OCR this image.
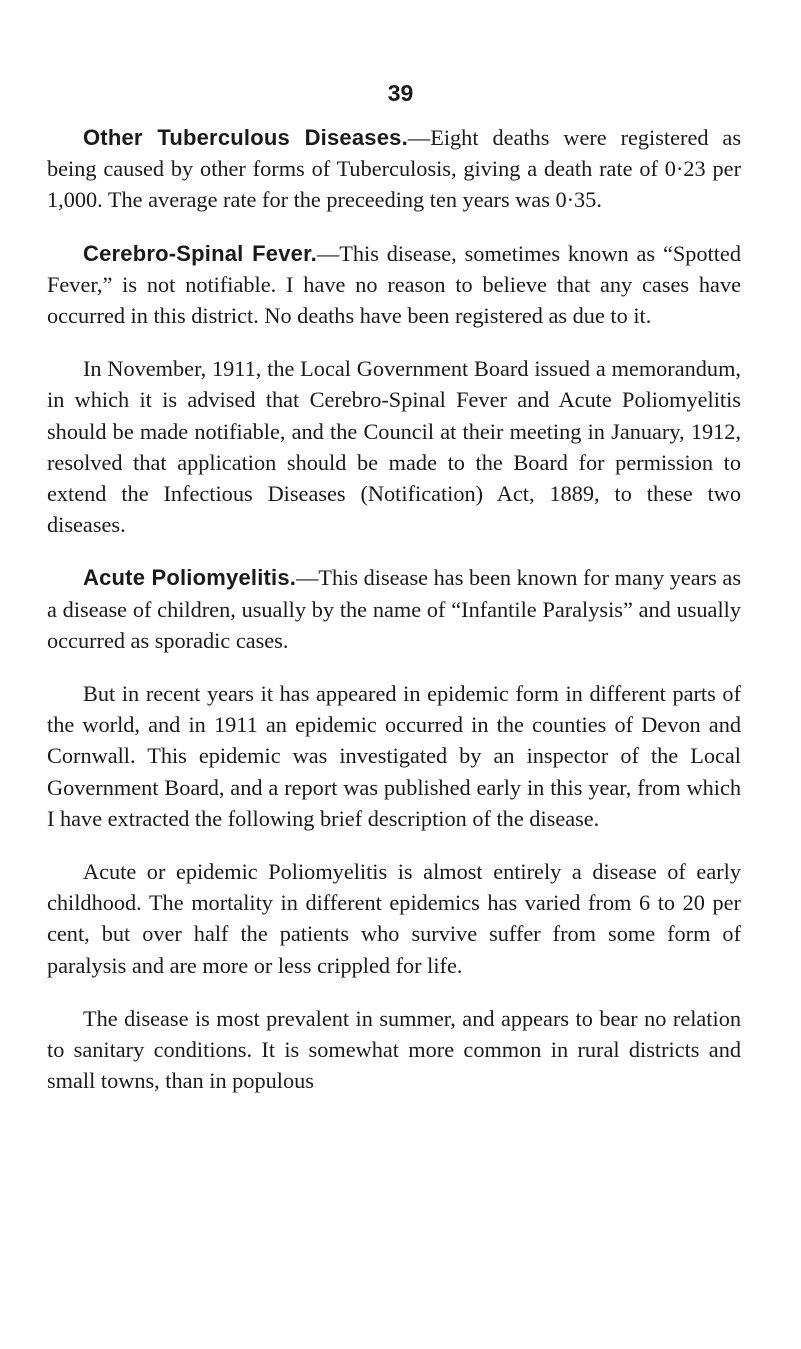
39

Other Tuberculous Diseases.—Eight deaths were registered as being caused by other forms of Tuberculosis, giving a death rate of 0·23 per 1,000. The average rate for the preceeding ten years was 0·35.

Cerebro-Spinal Fever.—This disease, sometimes known as “Spotted Fever,” is not notifiable. I have no reason to believe that any cases have occurred in this district. No deaths have been registered as due to it.

In November, 1911, the Local Government Board issued a memorandum, in which it is advised that Cerebro-Spinal Fever and Acute Poliomyelitis should be made notifiable, and the Council at their meeting in January, 1912, resolved that application should be made to the Board for permission to extend the Infectious Diseases (Notification) Act, 1889, to these two diseases.

Acute Poliomyelitis.—This disease has been known for many years as a disease of children, usually by the name of “Infantile Paralysis” and usually occurred as sporadic cases.

But in recent years it has appeared in epidemic form in different parts of the world, and in 1911 an epidemic occurred in the counties of Devon and Cornwall. This epidemic was investigated by an inspector of the Local Government Board, and a report was published early in this year, from which I have extracted the following brief description of the disease.

Acute or epidemic Poliomyelitis is almost entirely a disease of early childhood. The mortality in different epidemics has varied from 6 to 20 per cent, but over half the patients who survive suffer from some form of paralysis and are more or less crippled for life.

The disease is most prevalent in summer, and appears to bear no relation to sanitary conditions. It is somewhat more common in rural districts and small towns, than in populous
